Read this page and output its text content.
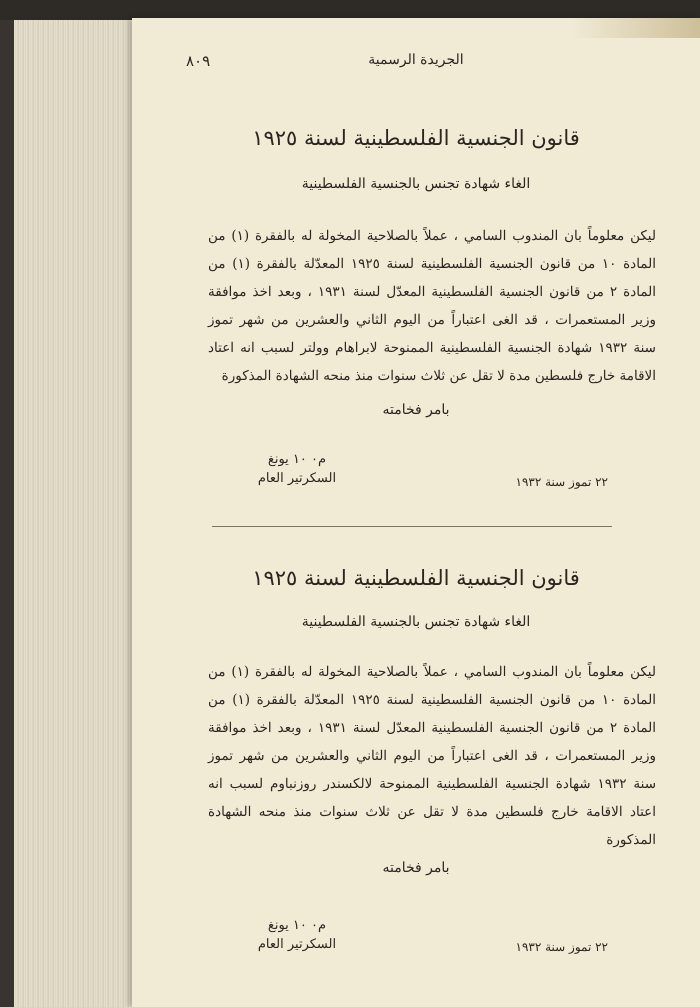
٨٠٩	الجريدة الرسمية
قانون الجنسية الفلسطينية لسنة ١٩٢٥
الغاء شهادة تجنس بالجنسية الفلسطينية
ليكن معلوماً بان المندوب السامي ، عملاً بالصلاحية المخولة له بالفقرة (١) من المادة ١٠ من قانون الجنسية الفلسطينية لسنة ١٩٢٥ المعدّلة بالفقرة (١) من المادة ٢ من قانون الجنسية الفلسطينية المعدّل لسنة ١٩٣١ ، وبعد اخذ موافقة وزير المستعمرات ، قد الغى اعتباراً من اليوم الثاني والعشرين من شهر تموز سنة ١٩٣٢ شهادة الجنسية الفلسطينية الممنوحة لابراهام وولتر لسبب انه اعتاد الاقامة خارج فلسطين مدة لا تقل عن ثلاث سنوات منذ منحه الشهادة المذكورة
بامر فخامته
م٠ ١٠ يونغ
السكرتير العام	٢٢ تموز سنة ١٩٣٢
قانون الجنسية الفلسطينية لسنة ١٩٢٥
الغاء شهادة تجنس بالجنسية الفلسطينية
ليكن معلوماً بان المندوب السامي ، عملاً بالصلاحية المخولة له بالفقرة (١) من المادة ١٠ من قانون الجنسية الفلسطينية لسنة ١٩٢٥ المعدّلة بالفقرة (١) من المادة ٢ من قانون الجنسية الفلسطينية المعدّل لسنة ١٩٣١ ، وبعد اخذ موافقة وزير المستعمرات ، قد الغى اعتباراً من اليوم الثاني والعشرين من شهر تموز سنة ١٩٣٢ شهادة الجنسية الفلسطينية الممنوحة لالكسندر روزنباوم لسبب انه اعتاد الاقامة خارج فلسطين مدة لا تقل عن ثلاث سنوات منذ منحه الشهادة المذكورة
بامر فخامته
م٠ ١٠ يونغ
السكرتير العام	٢٢ تموز سنة ١٩٣٢
